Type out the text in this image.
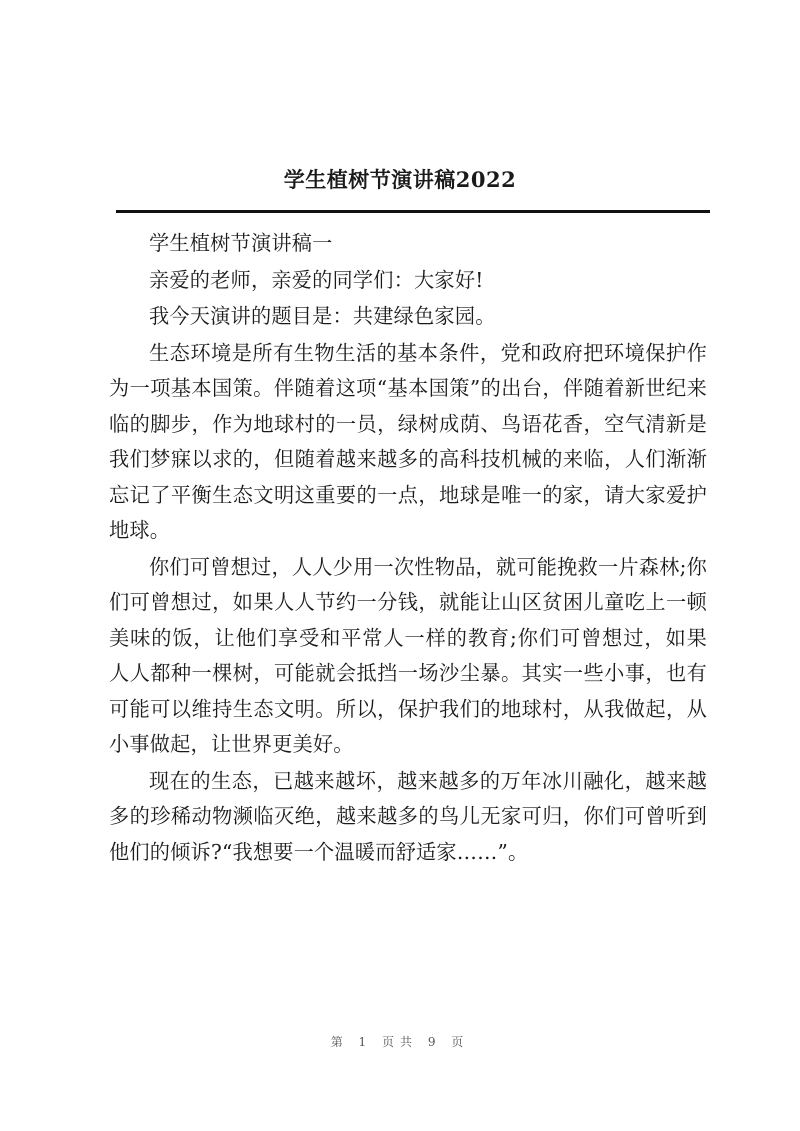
学生植树节演讲稿2022

学生植树节演讲稿一

亲爱的老师，亲爱的同学们：大家好!

我今天演讲的题目是：共建绿色家园。

生态环境是所有生物生活的基本条件，党和政府把环境保护作为一项基本国策。伴随着这项“基本国策”的出台，伴随着新世纪来临的脚步，作为地球村的一员，绿树成荫、鸟语花香，空气清新是我们梦寐以求的，但随着越来越多的高科技机械的来临，人们渐渐忘记了平衡生态文明这重要的一点，地球是唯一的家，请大家爱护地球。

你们可曾想过，人人少用一次性物品，就可能挽救一片森林;你们可曾想过，如果人人节约一分钱，就能让山区贫困儿童吃上一顿美味的饭，让他们享受和平常人一样的教育;你们可曾想过，如果人人都种一棵树，可能就会抵挡一场沙尘暴。其实一些小事，也有可能可以维持生态文明。所以，保护我们的地球村，从我做起，从小事做起，让世界更美好。

现在的生态，已越来越坏，越来越多的万年冰川融化，越来越多的珍稀动物濒临灭绝，越来越多的鸟儿无家可归，你们可曾听到他们的倾诉?“我想要一个温暖而舒适家……”。

第 1 页共 9 页
